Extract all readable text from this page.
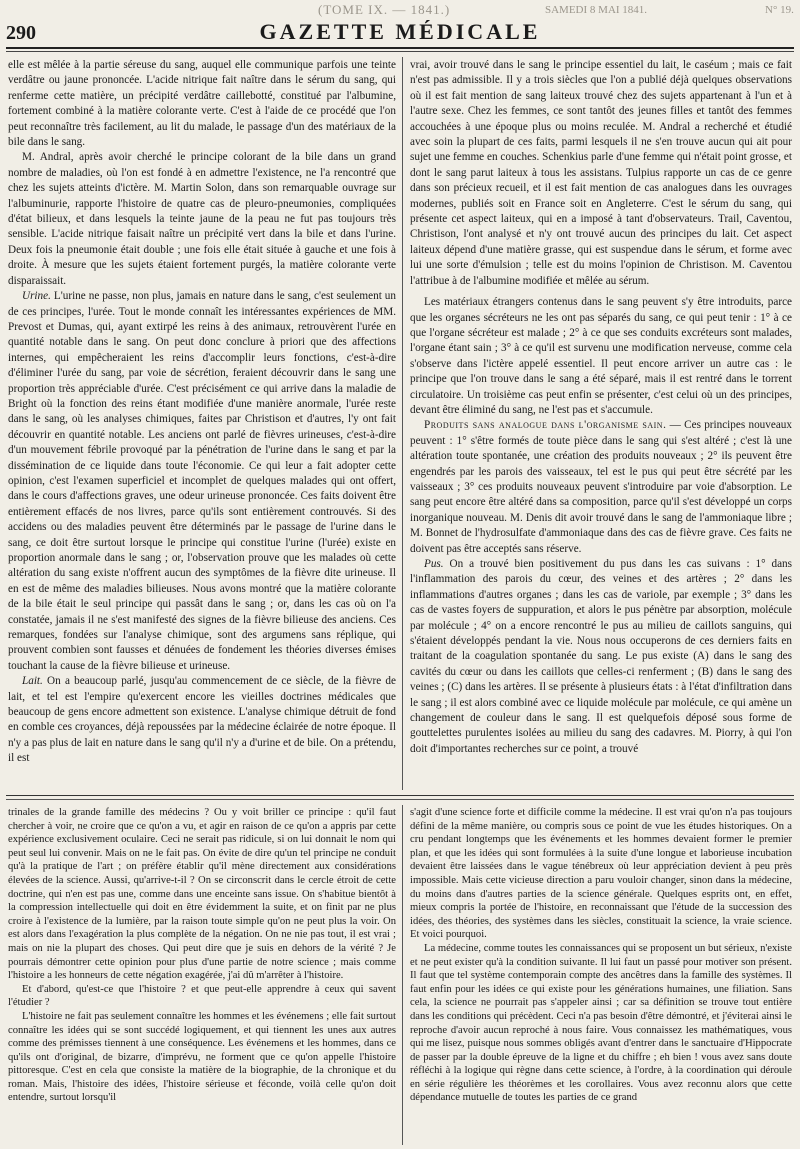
(TOME IX. — 1841.)	SAMEDI 8 MAI 1841.	N° 19.
290	GAZETTE MÉDICALE

elle est mêlée à la partie séreuse du sang, auquel elle communique parfois une teinte verdâtre ou jaune prononcée. L'acide nitrique fait naître dans le sérum du sang, qui renferme cette matière, un précipité verdâtre caillebotté, constitué par l'albumine, fortement combiné à la matière colorante verte. C'est à l'aide de ce procédé que l'on peut reconnaître très facilement, au lit du malade, le passage d'un des matériaux de la bile dans le sang.

M. Andral, après avoir cherché le principe colorant de la bile dans un grand nombre de maladies, où l'on est fondé à en admettre l'existence, ne l'a rencontré que chez les sujets atteints d'ictère. M. Martin Solon, dans son remarquable ouvrage sur l'albuminurie, rapporte l'histoire de quatre cas de pleuro-pneumonies, compliquées d'état bilieux, et dans lesquels la teinte jaune de la peau ne fut pas toujours très sensible. L'acide nitrique faisait naître un précipité vert dans la bile et dans l'urine. Deux fois la pneumonie était double ; une fois elle était située à gauche et une fois à droite. À mesure que les sujets étaient fortement purgés, la matière colorante verte disparaissait.

Urine. L'urine ne passe, non plus, jamais en nature dans le sang, c'est seulement un de ces principes, l'urée. Tout le monde connaît les intéressantes expériences de MM. Prevost et Dumas, qui, ayant extirpé les reins à des animaux, retrouvèrent l'urée en quantité notable dans le sang. On peut donc conclure à priori que des affections internes, qui empêcheraient les reins d'accomplir leurs fonctions, c'est-à-dire d'éliminer l'urée du sang, par voie de sécrétion, feraient découvrir dans le sang une proportion très appréciable d'urée. C'est précisément ce qui arrive dans la maladie de Bright où la fonction des reins étant modifiée d'une manière anormale, l'urée reste dans le sang, où les analyses chimiques, faites par Christison et d'autres, l'y ont fait découvrir en quantité notable. Les anciens ont parlé de fièvres urineuses, c'est-à-dire d'un mouvement fébrile provoqué par la pénétration de l'urine dans le sang et par la dissémination de ce liquide dans toute l'économie. Ce qui leur a fait adopter cette opinion, c'est l'examen superficiel et incomplet de quelques malades qui ont offert, dans le cours d'affections graves, une odeur urineuse prononcée. Ces faits doivent être entièrement effacés de nos livres, parce qu'ils sont entièrement controuvés. Si des accidens ou des maladies peuvent être déterminés par le passage de l'urine dans le sang, ce doit être surtout lorsque le principe qui constitue l'urine (l'urée) existe en proportion anormale dans le sang ; or, l'observation prouve que les malades où cette altération du sang existe n'offrent aucun des symptômes de la fièvre dite urineuse. Il en est de même des maladies bilieuses. Nous avons montré que la matière colorante de la bile était le seul principe qui passât dans le sang ; or, dans les cas où on l'a constatée, jamais il ne s'est manifesté des signes de la fièvre bilieuse des anciens. Ces remarques, fondées sur l'analyse chimique, sont des argumens sans réplique, qui prouvent combien sont fausses et dénuées de fondement les théories diverses émises touchant la cause de la fièvre bilieuse et urineuse.

Lait. On a beaucoup parlé, jusqu'au commencement de ce siècle, de la fièvre de lait, et tel est l'empire qu'exercent encore les vieilles doctrines médicales que beaucoup de gens encore admettent son existence. L'analyse chimique détruit de fond en comble ces croyances, déjà repoussées par la médecine éclairée de notre époque. Il n'y a pas plus de lait en nature dans le sang qu'il n'y a d'urine et de bile. On a prétendu, il est

vrai, avoir trouvé dans le sang le principe essentiel du lait, le caséum ; mais ce fait n'est pas admissible. Il y a trois siècles que l'on a publié déjà quelques observations où il est fait mention de sang laiteux trouvé chez des sujets appartenant à l'un et à l'autre sexe. Chez les femmes, ce sont tantôt des jeunes filles et tantôt des femmes accouchées à une époque plus ou moins reculée. M. Andral a recherché et étudié avec soin la plupart de ces faits, parmi lesquels il ne s'en trouve aucun qui ait pour sujet une femme en couches. Schenkius parle d'une femme qui n'était point grosse, et dont le sang parut laiteux à tous les assistans. Tulpius rapporte un cas de ce genre dans son précieux recueil, et il est fait mention de cas analogues dans les ouvrages modernes, publiés soit en France soit en Angleterre. C'est le sérum du sang, qui présente cet aspect laiteux, qui en a imposé à tant d'observateurs. Trail, Caventou, Christison, l'ont analysé et n'y ont trouvé aucun des principes du lait. Cet aspect laiteux dépend d'une matière grasse, qui est suspendue dans le sérum, et forme avec lui une sorte d'émulsion ; telle est du moins l'opinion de Christison. M. Caventou l'attribue à de l'albumine modifiée et mêlée au sérum.

Les matériaux étrangers contenus dans le sang peuvent s'y être introduits, parce que les organes sécréteurs ne les ont pas séparés du sang, ce qui peut tenir : 1° à ce que l'organe sécréteur est malade ; 2° à ce que ses conduits excréteurs sont malades, l'organe étant sain ; 3° à ce qu'il est survenu une modification nerveuse, comme cela s'observe dans l'ictère appelé essentiel. Il peut encore arriver un autre cas : le principe que l'on trouve dans le sang a été séparé, mais il est rentré dans le torrent circulatoire. Un troisième cas peut enfin se présenter, c'est celui où un des principes, devant être éliminé du sang, ne l'est pas et s'accumule.

Produits sans analogue dans l'organisme sain. — Ces principes nouveaux peuvent : 1° s'être formés de toute pièce dans le sang qui s'est altéré ; c'est là une altération toute spontanée, une création des produits nouveaux ; 2° ils peuvent être engendrés par les parois des vaisseaux, tel est le pus qui peut être sécrété par les vaisseaux ; 3° ces produits nouveaux peuvent s'introduire par voie d'absorption. Le sang peut encore être altéré dans sa composition, parce qu'il s'est développé un corps inorganique nouveau. M. Denis dit avoir trouvé dans le sang de l'ammoniaque libre ; M. Bonnet de l'hydrosulfate d'ammoniaque dans des cas de fièvre grave. Ces faits ne doivent pas être acceptés sans réserve.

Pus. On a trouvé bien positivement du pus dans les cas suivans : 1° dans l'inflammation des parois du cœur, des veines et des artères ; 2° dans les inflammations d'autres organes ; dans les cas de variole, par exemple ; 3° dans les cas de vastes foyers de suppuration, et alors le pus pénètre par absorption, molécule par molécule ; 4° on a encore rencontré le pus au milieu de caillots sanguins, qui s'étaient développés pendant la vie. Nous nous occuperons de ces derniers faits en traitant de la coagulation spontanée du sang. Le pus existe (A) dans le sang des cavités du cœur ou dans les caillots que celles-ci renferment ; (B) dans le sang des veines ; (C) dans les artères. Il se présente à plusieurs états : à l'état d'infiltration dans le sang ; il est alors combiné avec ce liquide molécule par molécule, ce qui amène un changement de couleur dans le sang. Il est quelquefois déposé sous forme de gouttelettes purulentes isolées au milieu du sang des cadavres. M. Piorry, à qui l'on doit d'importantes recherches sur ce point, a trouvé

trinales de la grande famille des médecins ? Ou y voit briller ce principe : qu'il faut chercher à voir, ne croire que ce qu'on a vu, et agir en raison de ce qu'on a appris par cette expérience exclusivement oculaire. Ceci ne serait pas ridicule, si on lui donnait le nom qui peut seul lui convenir. Mais on ne le fait pas. On évite de dire qu'un tel principe ne conduit qu'à la pratique de l'art ; on préfère établir qu'il mène directement aux considérations élevées de la science. Aussi, qu'arrive-t-il ? On se circonscrit dans le cercle étroit de cette doctrine, qui n'en est pas une, comme dans une enceinte sans issue. On s'habitue bientôt à la compression intellectuelle qui doit en être évidemment la suite, et on finit par ne plus croire à l'existence de la lumière, par la raison toute simple qu'on ne peut plus la voir. On est alors dans l'exagération la plus complète de la négation. On ne nie pas tout, il est vrai ; mais on nie la plupart des choses. Qui peut dire que je suis en dehors de la vérité ? Je pourrais démontrer cette opinion pour plus d'une partie de notre science ; mais comme l'histoire a les honneurs de cette négation exagérée, j'ai dû m'arrêter à l'histoire.

Et d'abord, qu'est-ce que l'histoire ? et que peut-elle apprendre à ceux qui savent l'étudier ?

L'histoire ne fait pas seulement connaître les hommes et les événemens ; elle fait surtout connaître les idées qui se sont succédé logiquement, et qui tiennent les unes aux autres comme des prémisses tiennent à une conséquence. Les événemens et les hommes, dans ce qu'ils ont d'original, de bizarre, d'imprévu, ne forment que ce qu'on appelle l'histoire pittoresque. C'est en cela que consiste la matière de la biographie, de la chronique et du roman. Mais, l'histoire des idées, l'histoire sérieuse et féconde, voilà celle qu'on doit entendre, surtout lorsqu'il

s'agit d'une science forte et difficile comme la médecine. Il est vrai qu'on n'a pas toujours défini de la même manière, ou compris sous ce point de vue les études historiques. On a cru pendant longtemps que les événements et les hommes devaient former le premier plan, et que les idées qui sont formulées à la suite d'une longue et laborieuse incubation devaient être laissées dans le vague ténébreux où leur appréciation devient à peu près impossible. Mais cette vicieuse direction a paru vouloir changer, sinon dans la médecine, du moins dans d'autres parties de la science générale. Quelques esprits ont, en effet, mieux compris la portée de l'histoire, en reconnaissant que l'étude de la succession des idées, des théories, des systèmes dans les siècles, constituait la science, la vraie science. Et voici pourquoi.

La médecine, comme toutes les connaissances qui se proposent un but sérieux, n'existe et ne peut exister qu'à la condition suivante. Il lui faut un passé pour motiver son présent. Il faut que tel système contemporain compte des ancêtres dans la famille des systèmes. Il faut enfin pour les idées ce qui existe pour les générations humaines, une filiation. Sans cela, la science ne pourrait pas s'appeler ainsi ; car sa définition se trouve tout entière dans les conditions qui précèdent. Ceci n'a pas besoin d'être démontré, et j'éviterai ainsi le reproche d'avoir aucun reproché à nous faire. Vous connaissez les mathématiques, vous qui me lisez, puisque nous sommes obligés avant d'entrer dans le sanctuaire d'Hippocrate de passer par la double épreuve de la ligne et du chiffre ; eh bien ! vous avez sans doute réfléchi à la logique qui règne dans cette science, à l'ordre, à la coordination qui déroule en série régulière les théorèmes et les corollaires. Vous avez reconnu alors que cette dépendance mutuelle de toutes les parties de ce grand
